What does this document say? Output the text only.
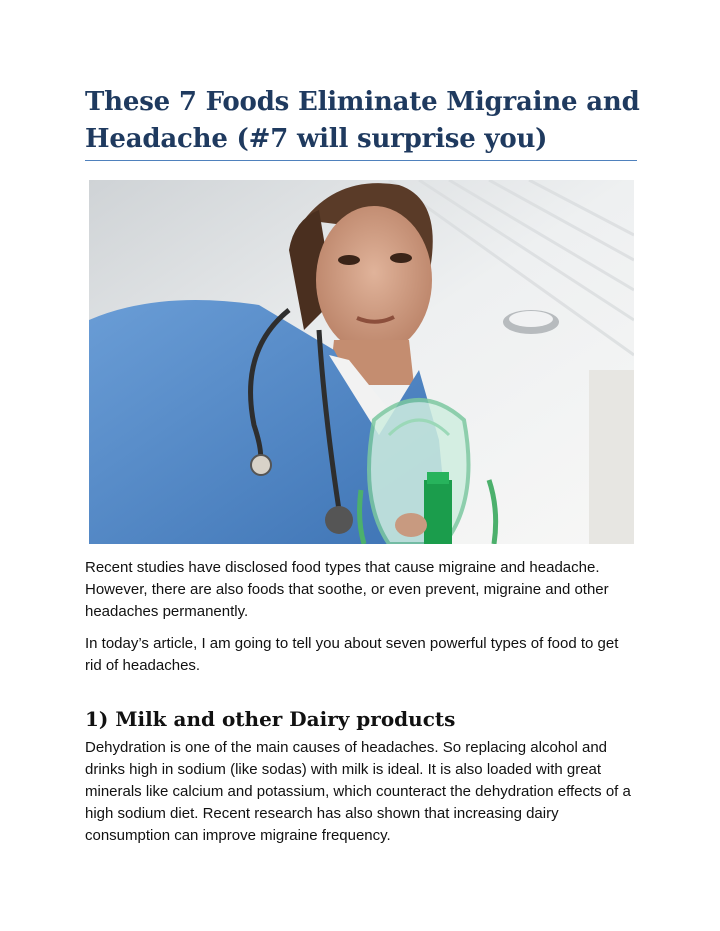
These 7 Foods Eliminate Migraine and
Headache (#7 will surprise you)

Recent studies have disclosed food types that cause migraine and headache. However, there are also foods that soothe, or even prevent, migraine and other headaches permanently.

In today’s article, I am going to tell you about seven powerful types of food to get rid of headaches.

1) Milk and other Dairy products

Dehydration is one of the main causes of headaches. So replacing alcohol and drinks high in sodium (like sodas) with milk is ideal. It is also loaded with great minerals like calcium and potassium, which counteract the dehydration effects of a high sodium diet. Recent research has also shown that increasing dairy consumption can improve migraine frequency.
